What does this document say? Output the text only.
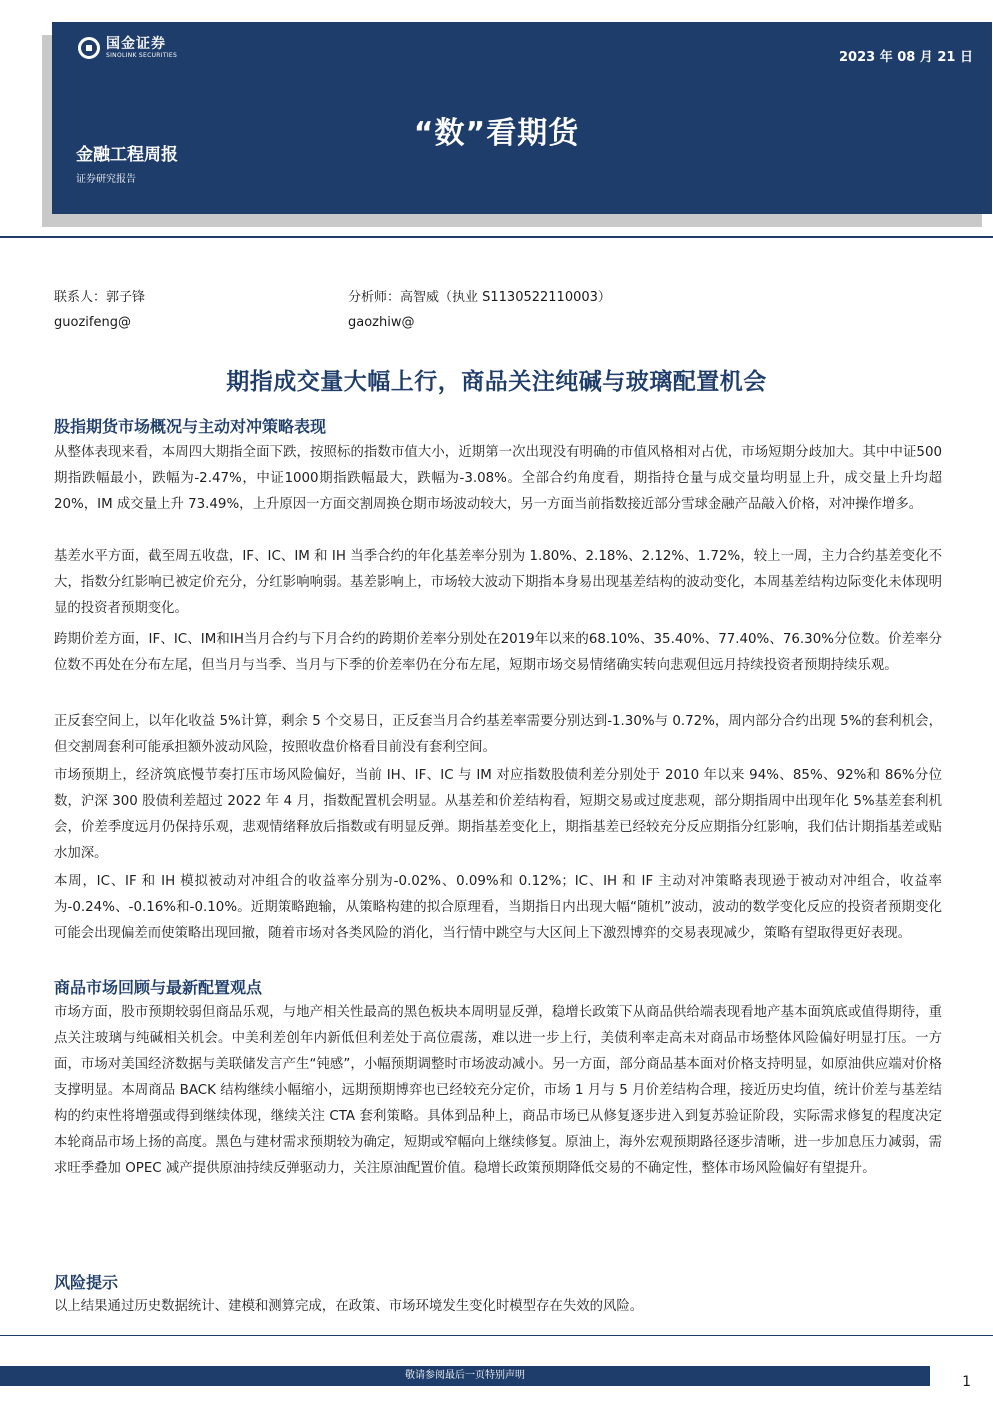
国金证券
SINOLINK SECURITIES	2023 年 08 月 21 日
“数”看期货
金融工程周报
证券研究报告
联系人：郭子锋
guozifeng@
分析师：高智威（执业 S1130522110003）
gaozhiw@
期指成交量大幅上行，商品关注纯碱与玻璃配置机会
股指期货市场概况与主动对冲策略表现

从整体表现来看，本周四大期指全面下跌，按照标的指数市值大小，近期第一次出现没有明确的市值风格相对占优，市场短期分歧加大。其中中证500期指跌幅最小，跌幅为-2.47%，中证1000期指跌幅最大，跌幅为-3.08%。全部合约角度看，期指持仓量与成交量均明显上升，成交量上升均超 20%，IM 成交量上升 73.49%，上升原因一方面交割周换仓期市场波动较大，另一方面当前指数接近部分雪球金融产品敲入价格，对冲操作增多。

基差水平方面，截至周五收盘，IF、IC、IM 和 IH 当季合约的年化基差率分别为 1.80%、2.18%、2.12%、1.72%，较上一周，主力合约基差变化不大，指数分红影响已被定价充分，分红影响响弱。基差影响上，市场较大波动下期指本身易出现基差结构的波动变化，本周基差结构边际变化未体现明显的投资者预期变化。

跨期价差方面，IF、IC、IM和IH当月合约与下月合约的跨期价差率分别处在2019年以来的68.10%、35.40%、77.40%、76.30%分位数。价差率分位数不再处在分布左尾，但当月与当季、当月与下季的价差率仍在分布左尾，短期市场交易情绪确实转向悲观但远月持续投资者预期持续乐观。

正反套空间上，以年化收益 5%计算，剩余 5 个交易日，正反套当月合约基差率需要分别达到-1.30%与 0.72%，周内部分合约出现 5%的套利机会，但交割周套利可能承担额外波动风险，按照收盘价格看目前没有套利空间。

市场预期上，经济筑底慢节奏打压市场风险偏好，当前 IH、IF、IC 与 IM 对应指数股债利差分别处于 2010 年以来 94%、85%、92%和 86%分位数，沪深 300 股债利差超过 2022 年 4 月，指数配置机会明显。从基差和价差结构看，短期交易或过度悲观，部分期指周中出现年化 5%基差套利机会，价差季度远月仍保持乐观，悲观情绪释放后指数或有明显反弹。期指基差变化上，期指基差已经较充分反应期指分红影响，我们估计期指基差或贴水加深。

本周，IC、IF 和 IH 模拟被动对冲组合的收益率分别为-0.02%、0.09%和 0.12%；IC、IH 和 IF 主动对冲策略表现逊于被动对冲组合，收益率为-0.24%、-0.16%和-0.10%。近期策略跑输，从策略构建的拟合原理看，当期指日内出现大幅“随机”波动，波动的数学变化反应的投资者预期变化可能会出现偏差而使策略出现回撤，随着市场对各类风险的消化，当行情中跳空与大区间上下激烈博弈的交易表现减少，策略有望取得更好表现。

商品市场回顾与最新配置观点

市场方面，股市预期较弱但商品乐观，与地产相关性最高的黑色板块本周明显反弹，稳增长政策下从商品供给端表现看地产基本面筑底或值得期待，重点关注玻璃与纯碱相关机会。中美利差创年内新低但利差处于高位震荡，难以进一步上行，美债利率走高未对商品市场整体风险偏好明显打压。一方面，市场对美国经济数据与美联储发言产生“钝感”，小幅预期调整时市场波动减小。另一方面，部分商品基本面对价格支持明显，如原油供应端对价格支撑明显。本周商品 BACK 结构继续小幅缩小，远期预期博弈也已经较充分定价，市场 1 月与 5 月价差结构合理，接近历史均值，统计价差与基差结构的约束性将增强或得到继续体现，继续关注 CTA 套利策略。具体到品种上，商品市场已从修复逐步进入到复苏验证阶段，实际需求修复的程度决定本轮商品市场上扬的高度。黑色与建材需求预期较为确定，短期或窄幅向上继续修复。原油上，海外宏观预期路径逐步清晰，进一步加息压力减弱，需求旺季叠加 OPEC 减产提供原油持续反弹驱动力，关注原油配置价值。稳增长政策预期降低交易的不确定性，整体市场风险偏好有望提升。

风险提示

以上结果通过历史数据统计、建模和测算完成，在政策、市场环境发生变化时模型存在失效的风险。

敬请参阅最后一页特别声明	1
